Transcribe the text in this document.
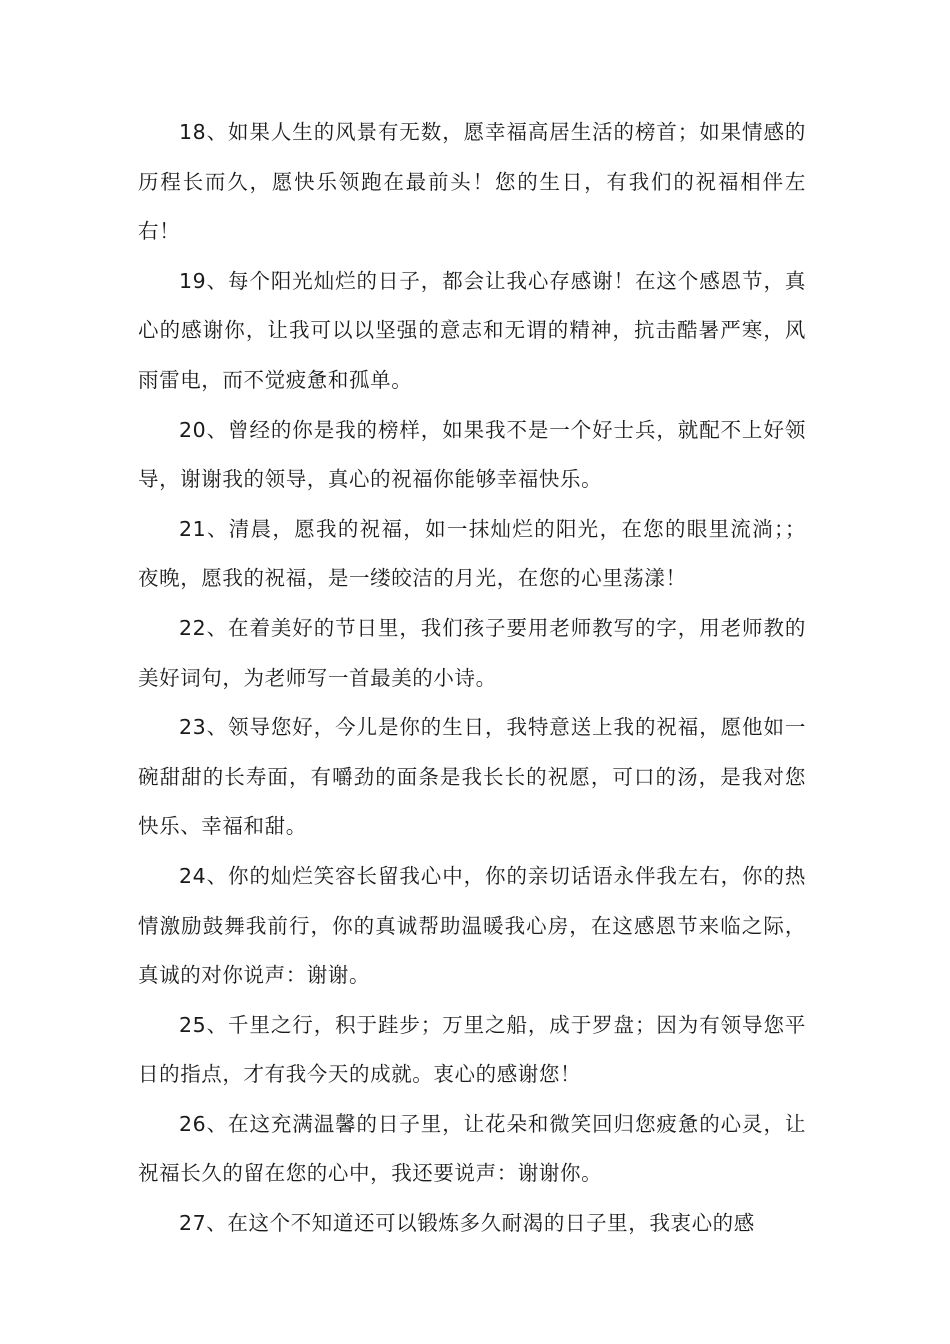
18、如果人生的风景有无数，愿幸福高居生活的榜首；如果情感的历程长而久，愿快乐领跑在最前头！您的生日，有我们的祝福相伴左右！

19、每个阳光灿烂的日子，都会让我心存感谢！在这个感恩节，真心的感谢你，让我可以以坚强的意志和无谓的精神，抗击酷暑严寒，风雨雷电，而不觉疲惫和孤单。

20、曾经的你是我的榜样，如果我不是一个好士兵，就配不上好领导，谢谢我的领导，真心的祝福你能够幸福快乐。

21、清晨，愿我的祝福，如一抹灿烂的阳光，在您的眼里流淌；；夜晚，愿我的祝福，是一缕皎洁的月光，在您的心里荡漾！

22、在着美好的节日里，我们孩子要用老师教写的字，用老师教的美好词句，为老师写一首最美的小诗。

23、领导您好，今儿是你的生日，我特意送上我的祝福，愿他如一碗甜甜的长寿面，有嚼劲的面条是我长长的祝愿，可口的汤，是我对您快乐、幸福和甜。

24、你的灿烂笑容长留我心中，你的亲切话语永伴我左右，你的热情激励鼓舞我前行，你的真诚帮助温暖我心房，在这感恩节来临之际，真诚的对你说声：谢谢。

25、千里之行，积于跬步；万里之船，成于罗盘；因为有领导您平日的指点，才有我今天的成就。衷心的感谢您！

26、在这充满温馨的日子里，让花朵和微笑回归您疲惫的心灵，让祝福长久的留在您的心中，我还要说声：谢谢你。

27、在这个不知道还可以锻炼多久耐渴的日子里，我衷心的感
